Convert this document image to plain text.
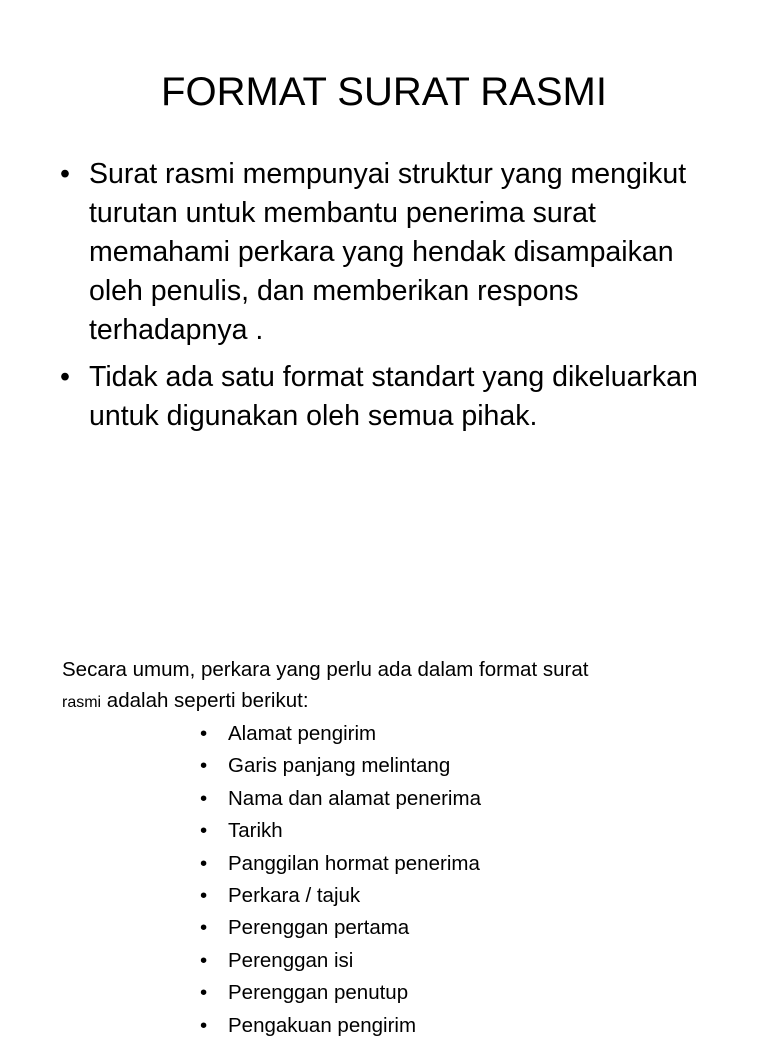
FORMAT SURAT RASMI
• Surat rasmi mempunyai struktur yang mengikut turutan untuk membantu penerima surat memahami perkara yang hendak disampaikan oleh penulis, dan memberikan respons terhadapnya .
• Tidak ada satu format standart yang dikeluarkan untuk digunakan oleh semua pihak.

Secara umum, perkara yang perlu ada dalam format surat
rasmi adalah seperti berikut:

• Alamat pengirim
• Garis panjang melintang
• Nama dan alamat penerima
• Tarikh
• Panggilan hormat penerima
• Perkara / tajuk
• Perenggan pertama
• Perenggan isi
• Perenggan penutup
• Pengakuan pengirim
